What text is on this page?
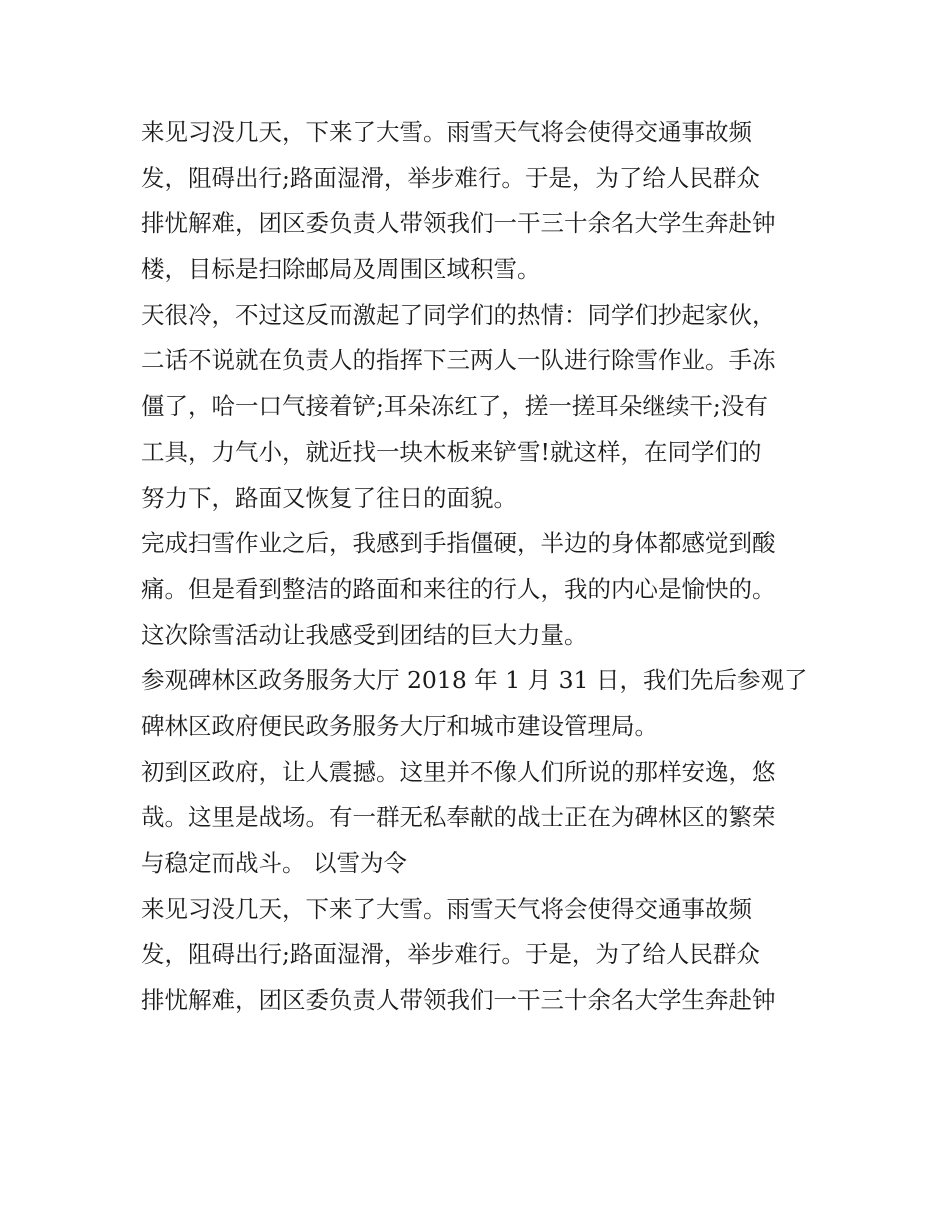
来见习没几天，下来了大雪。雨雪天气将会使得交通事故频
发，阻碍出行;路面湿滑，举步难行。于是，为了给人民群众
排忧解难，团区委负责人带领我们一干三十余名大学生奔赴钟
楼，目标是扫除邮局及周围区域积雪。

天很冷，不过这反而激起了同学们的热情：同学们抄起家伙，
二话不说就在负责人的指挥下三两人一队进行除雪作业。手冻
僵了，哈一口气接着铲;耳朵冻红了，搓一搓耳朵继续干;没有
工具，力气小，就近找一块木板来铲雪!就这样，在同学们的
努力下，路面又恢复了往日的面貌。

完成扫雪作业之后，我感到手指僵硬，半边的身体都感觉到酸
痛。但是看到整洁的路面和来往的行人，我的内心是愉快的。
这次除雪活动让我感受到团结的巨大力量。

参观碑林区政务服务大厅 2018 年 1 月 31 日，我们先后参观了
碑林区政府便民政务服务大厅和城市建设管理局。

初到区政府，让人震撼。这里并不像人们所说的那样安逸，悠
哉。这里是战场。有一群无私奉献的战士正在为碑林区的繁荣
与稳定而战斗。 以雪为令

来见习没几天，下来了大雪。雨雪天气将会使得交通事故频
发，阻碍出行;路面湿滑，举步难行。于是，为了给人民群众
排忧解难，团区委负责人带领我们一干三十余名大学生奔赴钟
